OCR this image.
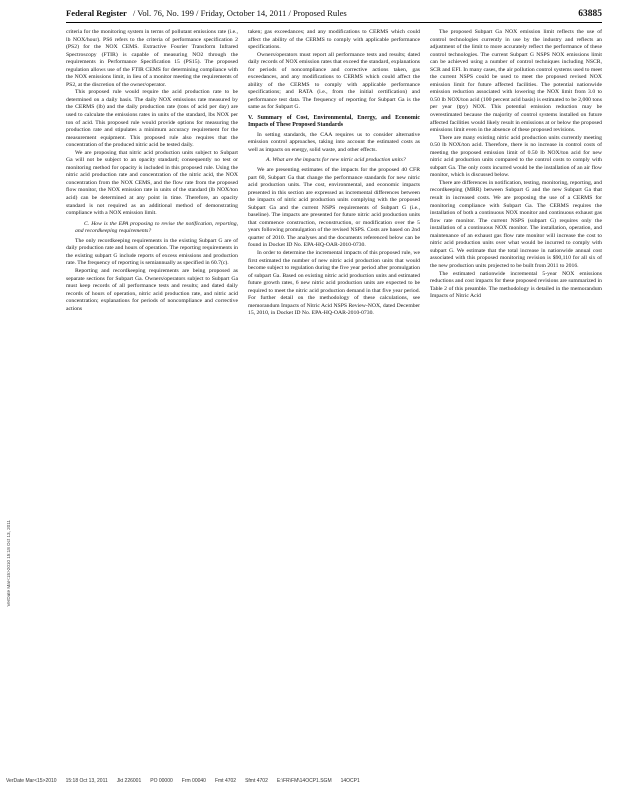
Federal Register / Vol. 76, No. 199 / Friday, October 14, 2011 / Proposed Rules	63885

criteria for the monitoring system in terms of pollutant emissions rate (i.e., lb NOX/hour). PS6 refers to the criteria of performance specification 2 (PS2) for the NOX CEMS. Extractive Fourier Transform Infrared Spectroscopy (FTIR) is capable of measuring NO2 through the requirements in Performance Specification 15 (PS15). The proposed regulation allows use of the FTIR CEMS for determining compliance with the NOX emissions limit, in lieu of a monitor meeting the requirements of PS2, at the discretion of the owner/operator.

This proposed rule would require the acid production rate to be determined on a daily basis. The daily NOX emissions rate measured by the CERMS (lb) and the daily production rate (tons of acid per day) are used to calculate the emissions rates in units of the standard, lbs NOX per ton of acid. This proposed rule would provide options for measuring the production rate and stipulates a minimum accuracy requirement for the measurement equipment. This proposed rule also requires that the concentration of the produced nitric acid be tested daily.

We are proposing that nitric acid production units subject to Subpart Ga will not be subject to an opacity standard; consequently no test or monitoring method for opacity is included in this proposed rule. Using the nitric acid production rate and concentration of the nitric acid, the NOX concentration from the NOX CEMS, and the flow rate from the proposed flow monitor, the NOX emission rate in units of the standard (lb NOX/ton acid) can be determined at any point in time. Therefore, an opacity standard is not required as an additional method of demonstrating compliance with a NOX emission limit.

C. How is the EPA proposing to revise the notification, reporting, and recordkeeping requirements?

The only recordkeeping requirements in the existing Subpart G are of daily production rate and hours of operation. The reporting requirements in the existing subpart G include reports of excess emissions and production rate. The frequency of reporting is semiannually as specified in 60.7(c).

Reporting and recordkeeping requirements are being proposed as separate sections for Subpart Ga. Owners/operators subject to Subpart Ga must keep records of all performance tests and results; and dated daily records of hours of operation, nitric acid production rate, and nitric acid concentration; explanations for periods of noncompliance and corrective actions

taken; gas exceedances; and any modifications to CERMS which could affect the ability of the CERMS to comply with applicable performance specifications.

Owners/operators must report all performance tests and results; dated daily records of NOX emission rates that exceed the standard, explanations for periods of noncompliance and corrective actions taken, gas exceedances, and any modifications to CERMS which could affect the ability of the CERMS to comply with applicable performance specifications; and RATA (i.e., from the initial certification) and performance test data. The frequency of reporting for Subpart Ga is the same as for Subpart G.

V. Summary of Cost, Environmental, Energy, and Economic Impacts of These Proposed Standards

In setting standards, the CAA requires us to consider alternative emission control approaches, taking into account the estimated costs as well as impacts on energy, solid waste, and other effects.

A. What are the impacts for new nitric acid production units?

We are presenting estimates of the impacts for the proposed 40 CFR part 60, Subpart Ga that change the performance standards for new nitric acid production units. The cost, environmental, and economic impacts presented in this section are expressed as incremental differences between the impacts of nitric acid production units complying with the proposed Subpart Ga and the current NSPS requirements of Subpart G (i.e., baseline). The impacts are presented for future nitric acid production units that commence construction, reconstruction, or modification over the 5 years following promulgation of the revised NSPS. Costs are based on 2nd quarter of 2010. The analyses and the documents referenced below can be found in Docket ID No. EPA-HQ-OAR-2010-0730.

In order to determine the incremental impacts of this proposed rule, we first estimated the number of new nitric acid production units that would become subject to regulation during the five year period after promulgation of subpart Ga. Based on existing nitric acid production units and estimated future growth rates, 6 new nitric acid production units are expected to be required to meet the nitric acid production demand in that five year period. For further detail on the methodology of these calculations, see memorandum Impacts of Nitric Acid NSPS Review-NOX, dated December 15, 2010, in Docket ID No. EPA-HQ-OAR-2010-0730.

The proposed Subpart Ga NOX emission limit reflects the use of control technologies currently in use by the industry and reflects an adjustment of the limit to more accurately reflect the performance of these control technologies. The current Subpart G NSPS NOX emissions limit can be achieved using a number of control techniques including NSCR, SCR and EFI. In many cases, the air pollution control systems used to meet the current NSPS could be used to meet the proposed revised NOX emission limit for future affected facilities. The potential nationwide emission reduction associated with lowering the NOX limit from 3.0 to 0.50 lb NOX/ton acid (100 percent acid basis) is estimated to be 2,000 tons per year (tpy) NOX. This potential emission reduction may be overestimated because the majority of control systems installed on future affected facilities would likely result in emissions at or below the proposed emissions limit even in the absence of these proposed revisions.

There are many existing nitric acid production units currently meeting 0.50 lb NOX/ton acid. Therefore, there is no increase in control costs of meeting the proposed emission limit of 0.50 lb NOX/ton acid for new nitric acid production units compared to the control costs to comply with subpart Ga. The only costs incurred would be the installation of an air flow monitor, which is discussed below.

There are differences in notification, testing, monitoring, reporting, and recordkeeping (MRR) between Subpart G and the new Subpart Ga that result in increased costs. We are proposing the use of a CERMS for monitoring compliance with Subpart Ga. The CERMS requires the installation of both a continuous NOX monitor and continuous exhaust gas flow rate monitor. The current NSPS (subpart G) requires only the installation of a continuous NOX monitor. The installation, operation, and maintenance of an exhaust gas flow rate monitor will increase the cost to nitric acid production units over what would be incurred to comply with subpart G. We estimate that the total increase in nationwide annual cost associated with this proposed monitoring revision is $90,110 for all six of the new production units projected to be built from 2011 to 2016.

The estimated nationwide incremental 5-year NOX emissions reductions and cost impacts for these proposed revisions are summarized in Table 2 of this preamble. The methodology is detailed in the memorandum Impacts of Nitric Acid

VerDate Mar<15>2010 15:18 Oct 13, 2011
VerDate Mar<15>2010 15:18 Oct 13, 2011 Jkt 226001 PO 00000 Frm 00040 Fmt 4702 Sfmt 4702 E:\FR\FM\14OCP1.SGM 14OCP1
